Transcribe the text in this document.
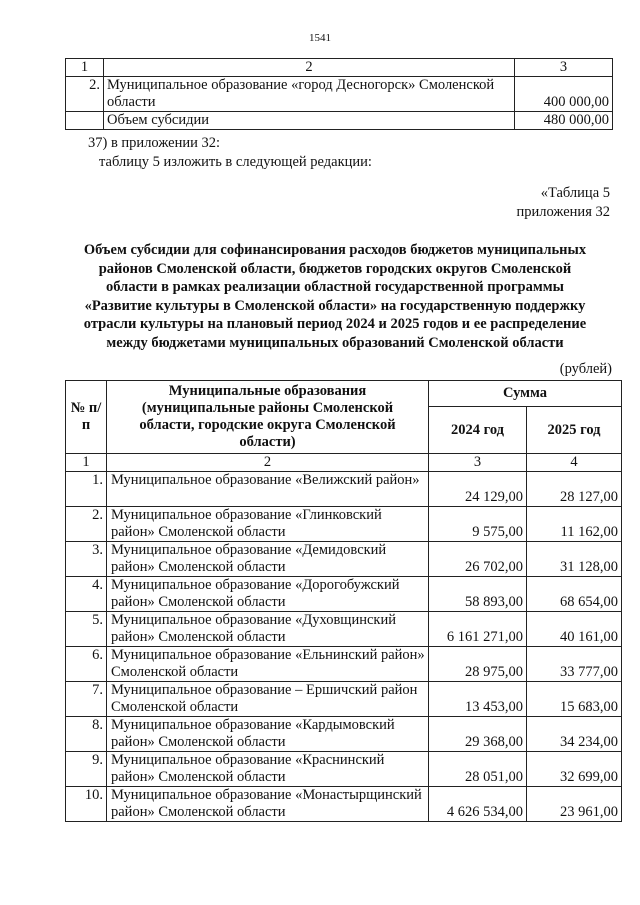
1541
1	2	3
2.	Муниципальное образование «город Десногорск» Смоленской области	400 000,00
	Объем субсидии	480 000,00
37) в приложении 32:
таблицу 5 изложить в следующей редакции:
«Таблица 5
приложения 32
Объем субсидии для софинансирования расходов бюджетов муниципальных
районов Смоленской области, бюджетов городских округов Смоленской
области в рамках реализации областной государственной программы
«Развитие культуры в Смоленской области» на государственную поддержку
отрасли культуры на плановый период 2024 и 2025 годов и ее распределение
между бюджетами муниципальных образований Смоленской области
(рублей)
№ п/п	Муниципальные образования (муниципальные районы Смоленской области, городские округа Смоленской области)	Сумма	
		2024 год	2025 год
1	2	3	4
1.	Муниципальное образование «Велижский район»	24 129,00	28 127,00
2.	Муниципальное образование «Глинковский район» Смоленской области	9 575,00	11 162,00
3.	Муниципальное образование «Демидовский район» Смоленской области	26 702,00	31 128,00
4.	Муниципальное образование «Дорогобужский район» Смоленской области	58 893,00	68 654,00
5.	Муниципальное образование «Духовщинский район» Смоленской области	6 161 271,00	40 161,00
6.	Муниципальное образование «Ельнинский район» Смоленской области	28 975,00	33 777,00
7.	Муниципальное образование – Ершичский район Смоленской области	13 453,00	15 683,00
8.	Муниципальное образование «Кардымовский район» Смоленской области	29 368,00	34 234,00
9.	Муниципальное образование «Краснинский район» Смоленской области	28 051,00	32 699,00
10.	Муниципальное образование «Монастырщинский район» Смоленской области	4 626 534,00	23 961,00
